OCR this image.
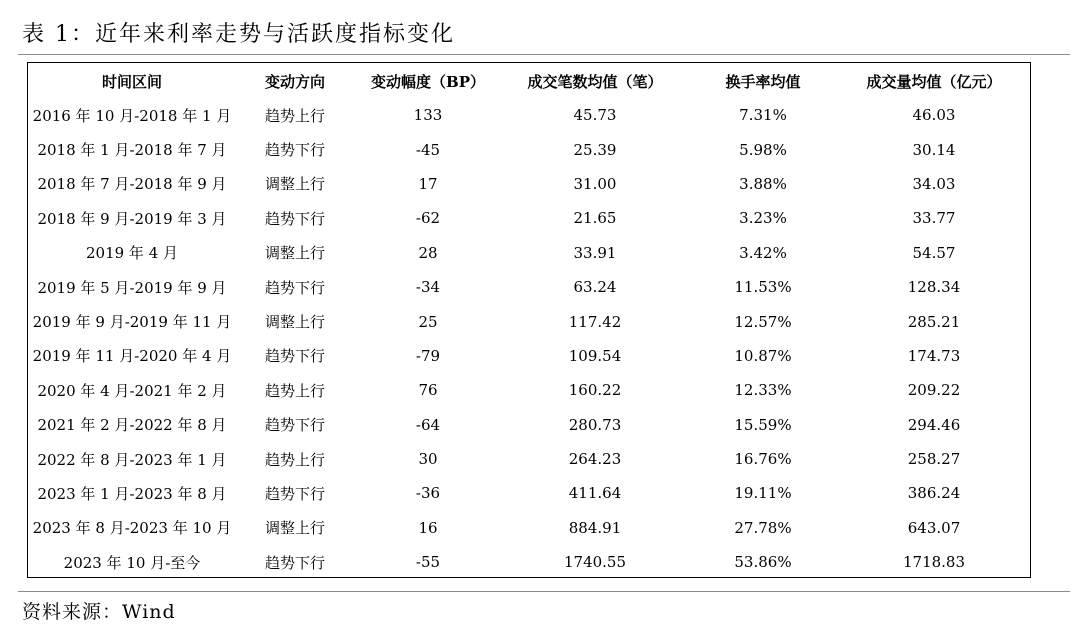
表 1：近年来利率走势与活跃度指标变化
时间区间	变动方向	变动幅度（BP）	成交笔数均值（笔）	换手率均值	成交量均值（亿元）
2016 年 10 月-2018 年 1 月	趋势上行	133	45.73	7.31%	46.03
2018 年 1 月-2018 年 7 月	趋势下行	-45	25.39	5.98%	30.14
2018 年 7 月-2018 年 9 月	调整上行	17	31.00	3.88%	34.03
2018 年 9 月-2019 年 3 月	趋势下行	-62	21.65	3.23%	33.77
2019 年 4 月	调整上行	28	33.91	3.42%	54.57
2019 年 5 月-2019 年 9 月	趋势下行	-34	63.24	11.53%	128.34
2019 年 9 月-2019 年 11 月	调整上行	25	117.42	12.57%	285.21
2019 年 11 月-2020 年 4 月	趋势下行	-79	109.54	10.87%	174.73
2020 年 4 月-2021 年 2 月	趋势上行	76	160.22	12.33%	209.22
2021 年 2 月-2022 年 8 月	趋势下行	-64	280.73	15.59%	294.46
2022 年 8 月-2023 年 1 月	趋势上行	30	264.23	16.76%	258.27
2023 年 1 月-2023 年 8 月	趋势下行	-36	411.64	19.11%	386.24
2023 年 8 月-2023 年 10 月	调整上行	16	884.91	27.78%	643.07
2023 年 10 月-至今	趋势下行	-55	1740.55	53.86%	1718.83
资料来源：Wind
